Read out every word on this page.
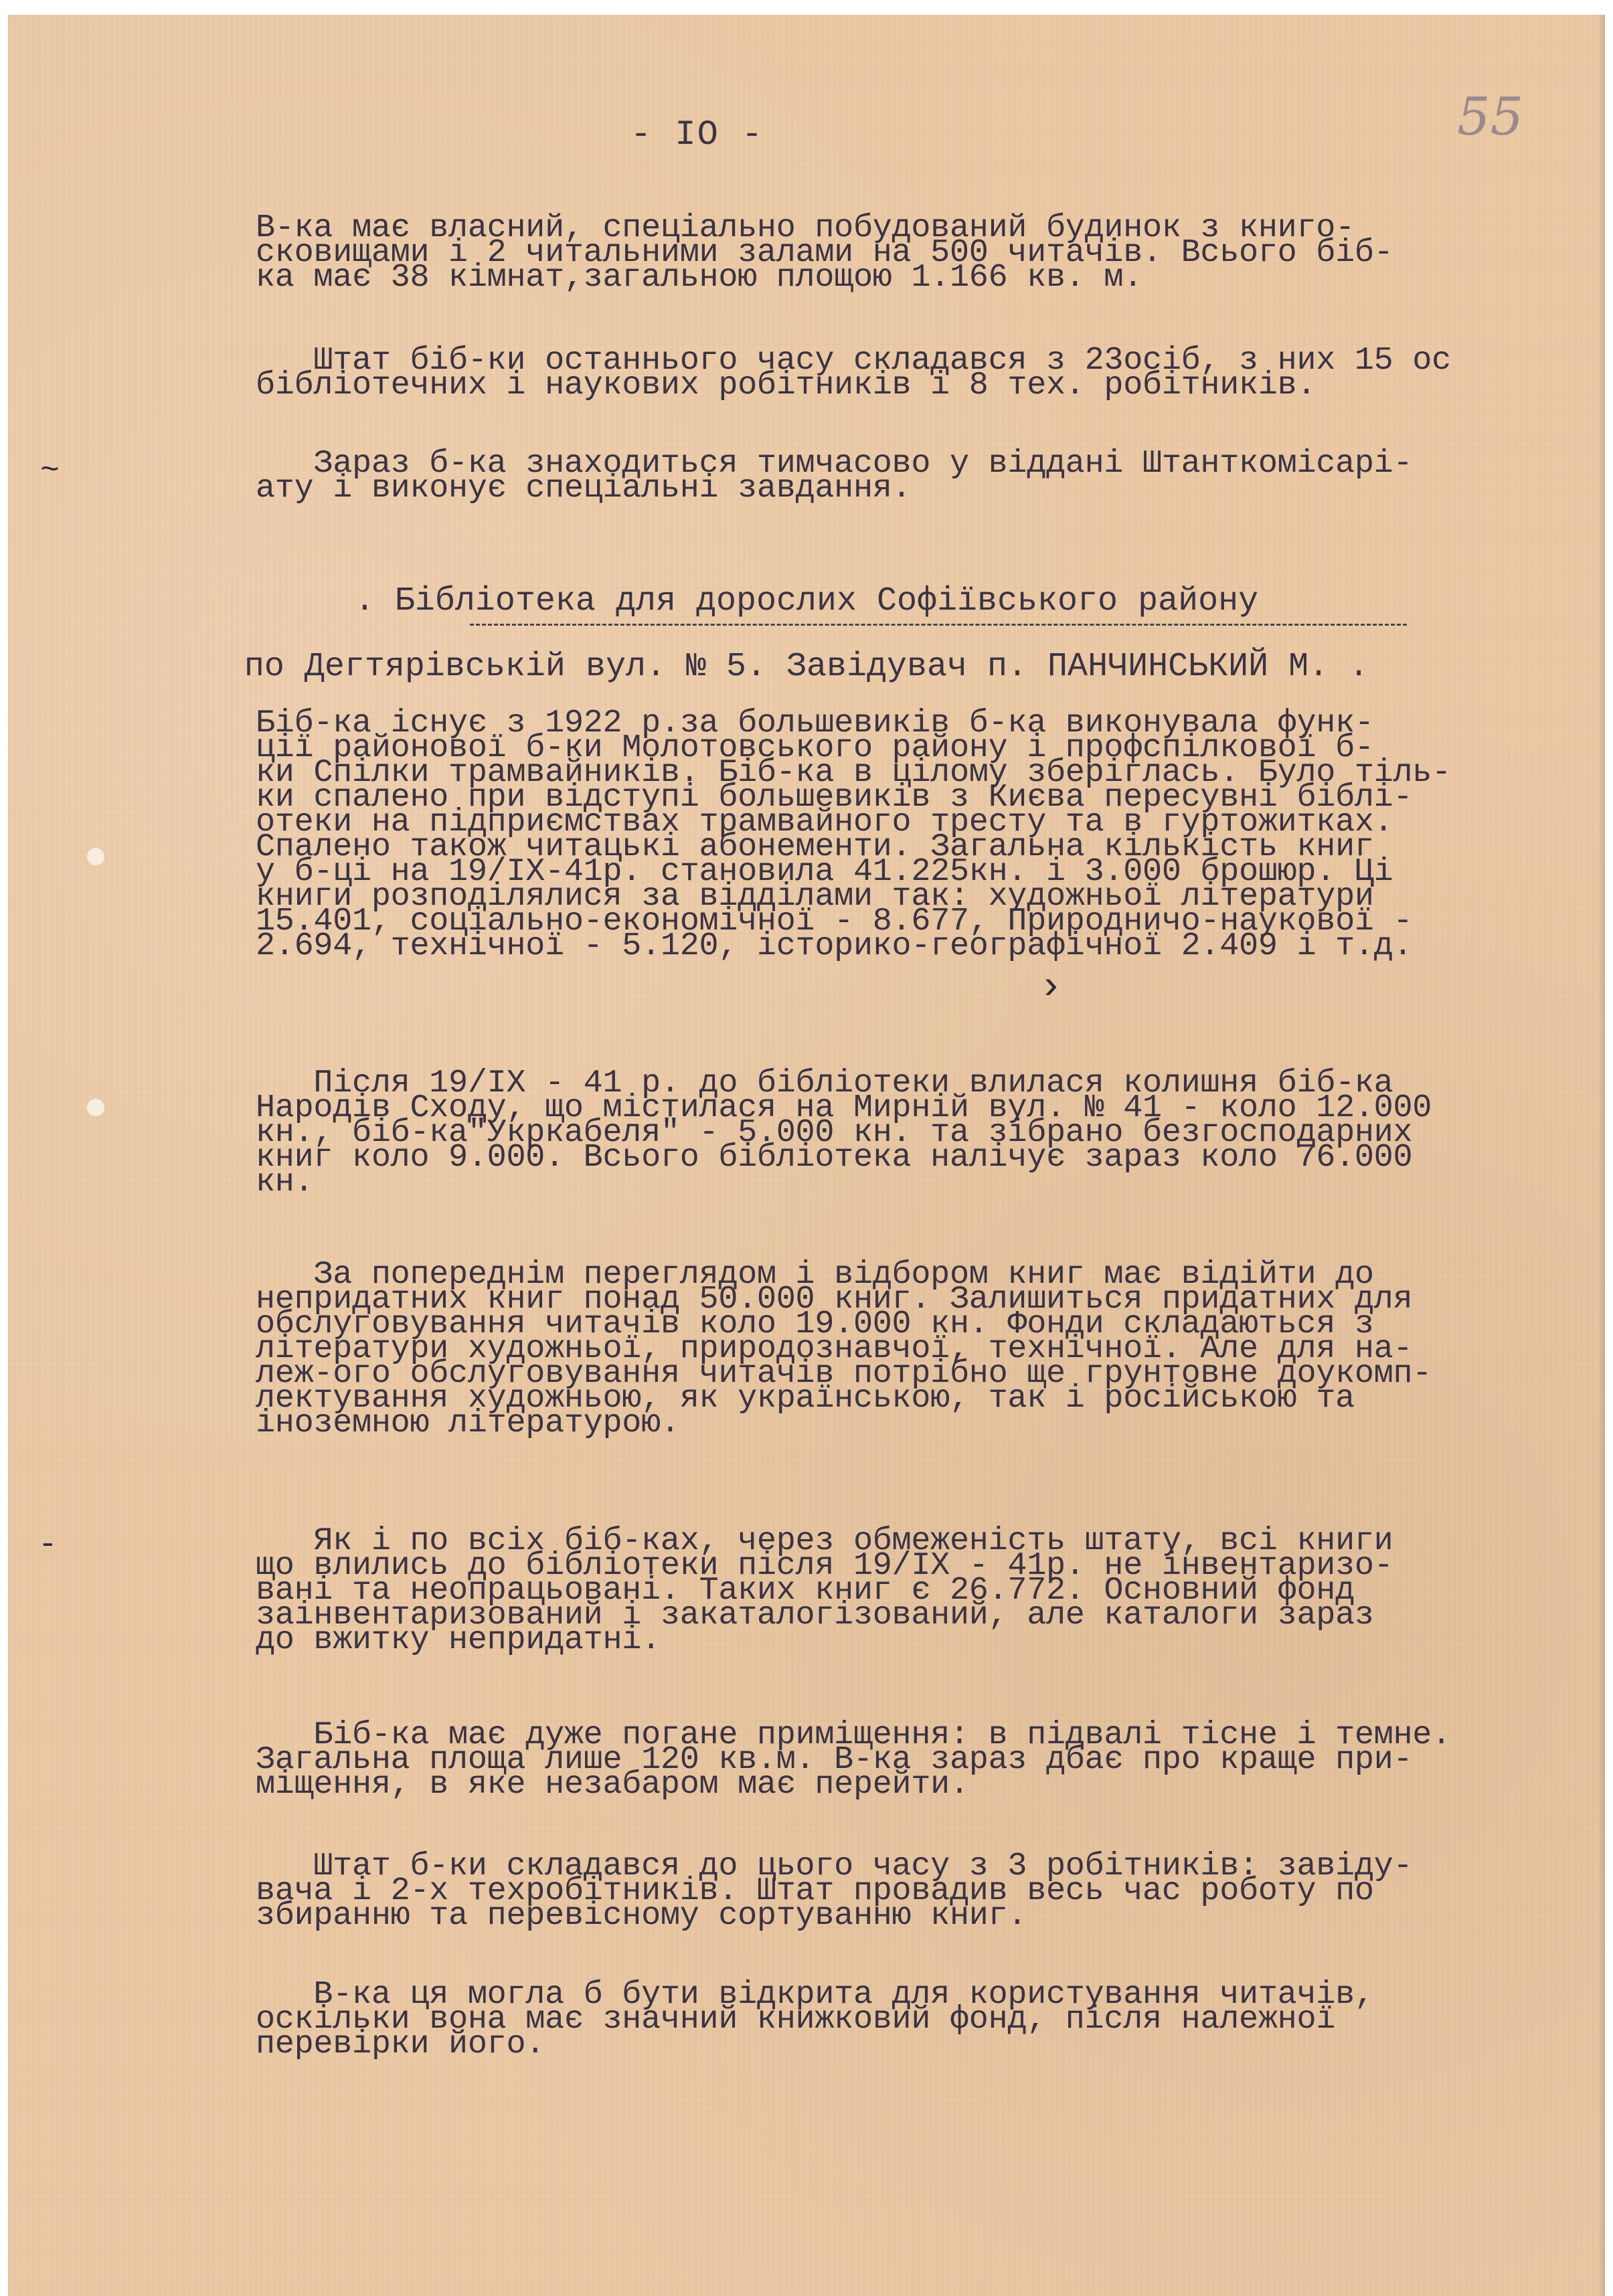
- IO -	55

В-ка має власний, спеціально побудований будинок з книго-
сковищами і 2 читальними залами на 500 читачів. Всього біб-
ка має 38 кімнат,загальною площою 1.166 кв. м.

Штат біб-ки останнього часу складався з 23осіб, з них 15 ос
бібліотечних і наукових робітників і 8 тех. робітників.

Зараз б-ка знаходиться тимчасово у віддані Штанткомісарі-
ату і виконує спеціальні завдання.

. Бібліотека для дорослих Софіївського району
по Дегтярівській вул. № 5. Завідувач п. ПАНЧИНСЬКИЙ М. .

Біб-ка існує з 1922 р.за большевиків б-ка виконувала функ-
ції районової б-ки Молотовського району і профспілкової б-
ки Спілки трамвайників. Біб-ка в цілому зберіглась. Було тіль-
ки спалено при відступі большевиків з Києва пересувні біблі-
отеки на підприємствах трамвайного тресту та в гуртожитках.
Спалено також читацькі абонементи. Загальна кількість книг
у б-ці на 19/IX-41р. становила 41.225кн. і 3.000 брошюр. Ці
книги розподілялися за відділами так: художньої літератури
15.401, соціально-економічної - 8.677, Природничо-наукової -
2.694, технічної - 5.120, історико-географічної 2.409 і т.д.

Після 19/IX - 41 р. до бібліотеки влилася колишня біб-ка
Народів Сходу, що містилася на Мирній вул. № 41 - коло 12.000
кн., біб-ка"Укркабеля" - 5.000 кн. та зібрано безгосподарних
книг коло 9.000. Всього бібліотека налічує зараз коло 76.000
кн.

За попереднім переглядом і відбором книг має відійти до
непридатних книг понад 50.000 книг. Залишиться придатних для
обслуговування читачів коло 19.000 кн. Фонди складаються з
літератури художньої, природознавчої, технічної. Але для на-
леж-ого обслуговування читачів потрібно ще грунтовне доукомп-
лектування художньою, як українською, так і російською та
іноземною літературою.

Як і по всіх біб-ках, через обмеженість штату, всі книги
що влились до бібліотеки після 19/IX - 41р. не інвентаризо-
вані та неопрацьовані. Таких книг є 26.772. Основний фонд
заінвентаризований і закаталогізований, але каталоги зараз
до вжитку непридатні.

Біб-ка має дуже погане приміщення: в підвалі тісне і темне.
Загальна площа лише 120 кв.м. В-ка зараз дбає про краще при-
міщення, в яке незабаром має перейти.

Штат б-ки складався до цього часу з 3 робітників: завіду-
вача і 2-х техробітників. Штат провадив весь час роботу по
збиранню та перевісному сортуванню книг.

В-ка ця могла б бути відкрита для користування читачів,
оскільки вона має значний книжковий фонд, після належної
перевірки його.

~
›
-
